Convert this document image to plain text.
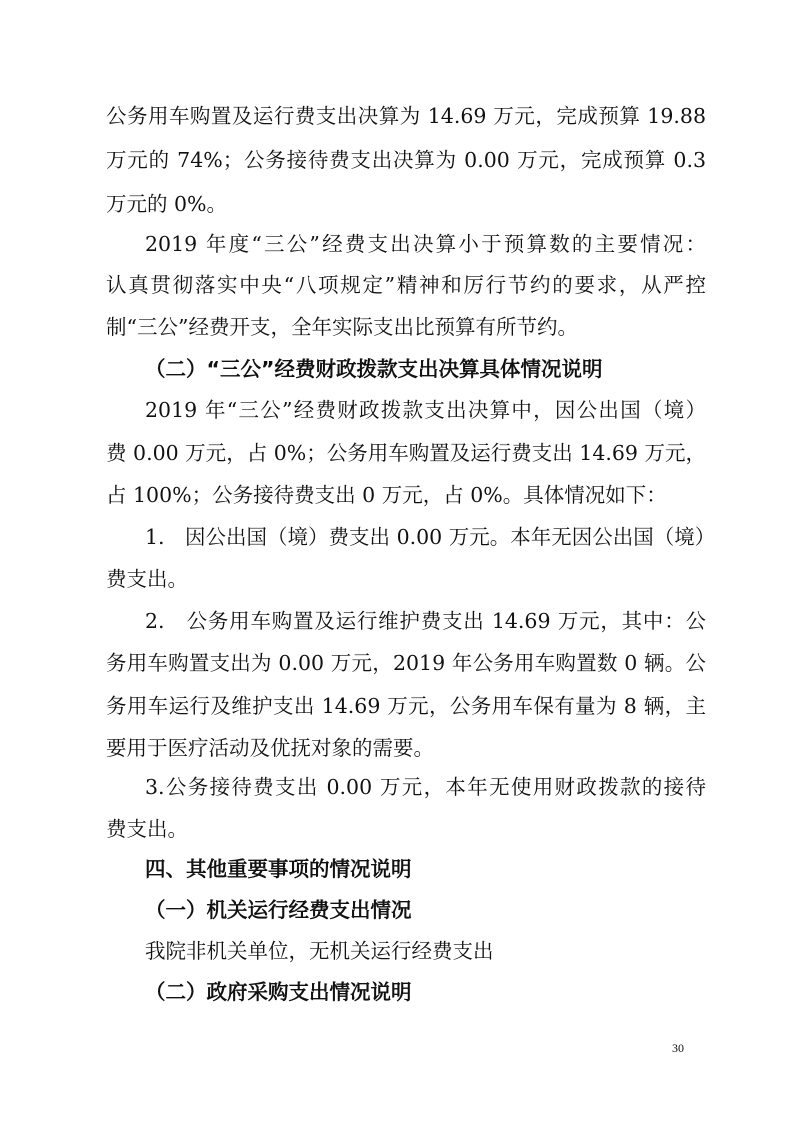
公务用车购置及运行费支出决算为 14.69 万元，完成预算 19.88
万元的 74%；公务接待费支出决算为 0.00 万元，完成预算 0.3
万元的 0%。
2019 年度“三公”经费支出决算小于预算数的主要情况：
认真贯彻落实中央“八项规定”精神和厉行节约的要求，从严控
制“三公”经费开支，全年实际支出比预算有所节约。
（二）“三公”经费财政拨款支出决算具体情况说明
2019 年“三公”经费财政拨款支出决算中，因公出国（境）
费 0.00 万元，占 0%；公务用车购置及运行费支出 14.69 万元，
占 100%；公务接待费支出 0 万元，占 0%。具体情况如下：
1.　因公出国（境）费支出 0.00 万元。本年无因公出国（境）
费支出。
2.　公务用车购置及运行维护费支出 14.69 万元，其中：公
务用车购置支出为 0.00 万元，2019 年公务用车购置数 0 辆。公
务用车运行及维护支出 14.69 万元，公务用车保有量为 8 辆，主
要用于医疗活动及优抚对象的需要。
3.公务接待费支出 0.00 万元，本年无使用财政拨款的接待
费支出。
四、其他重要事项的情况说明
（一）机关运行经费支出情况
我院非机关单位，无机关运行经费支出
（二）政府采购支出情况说明
30
